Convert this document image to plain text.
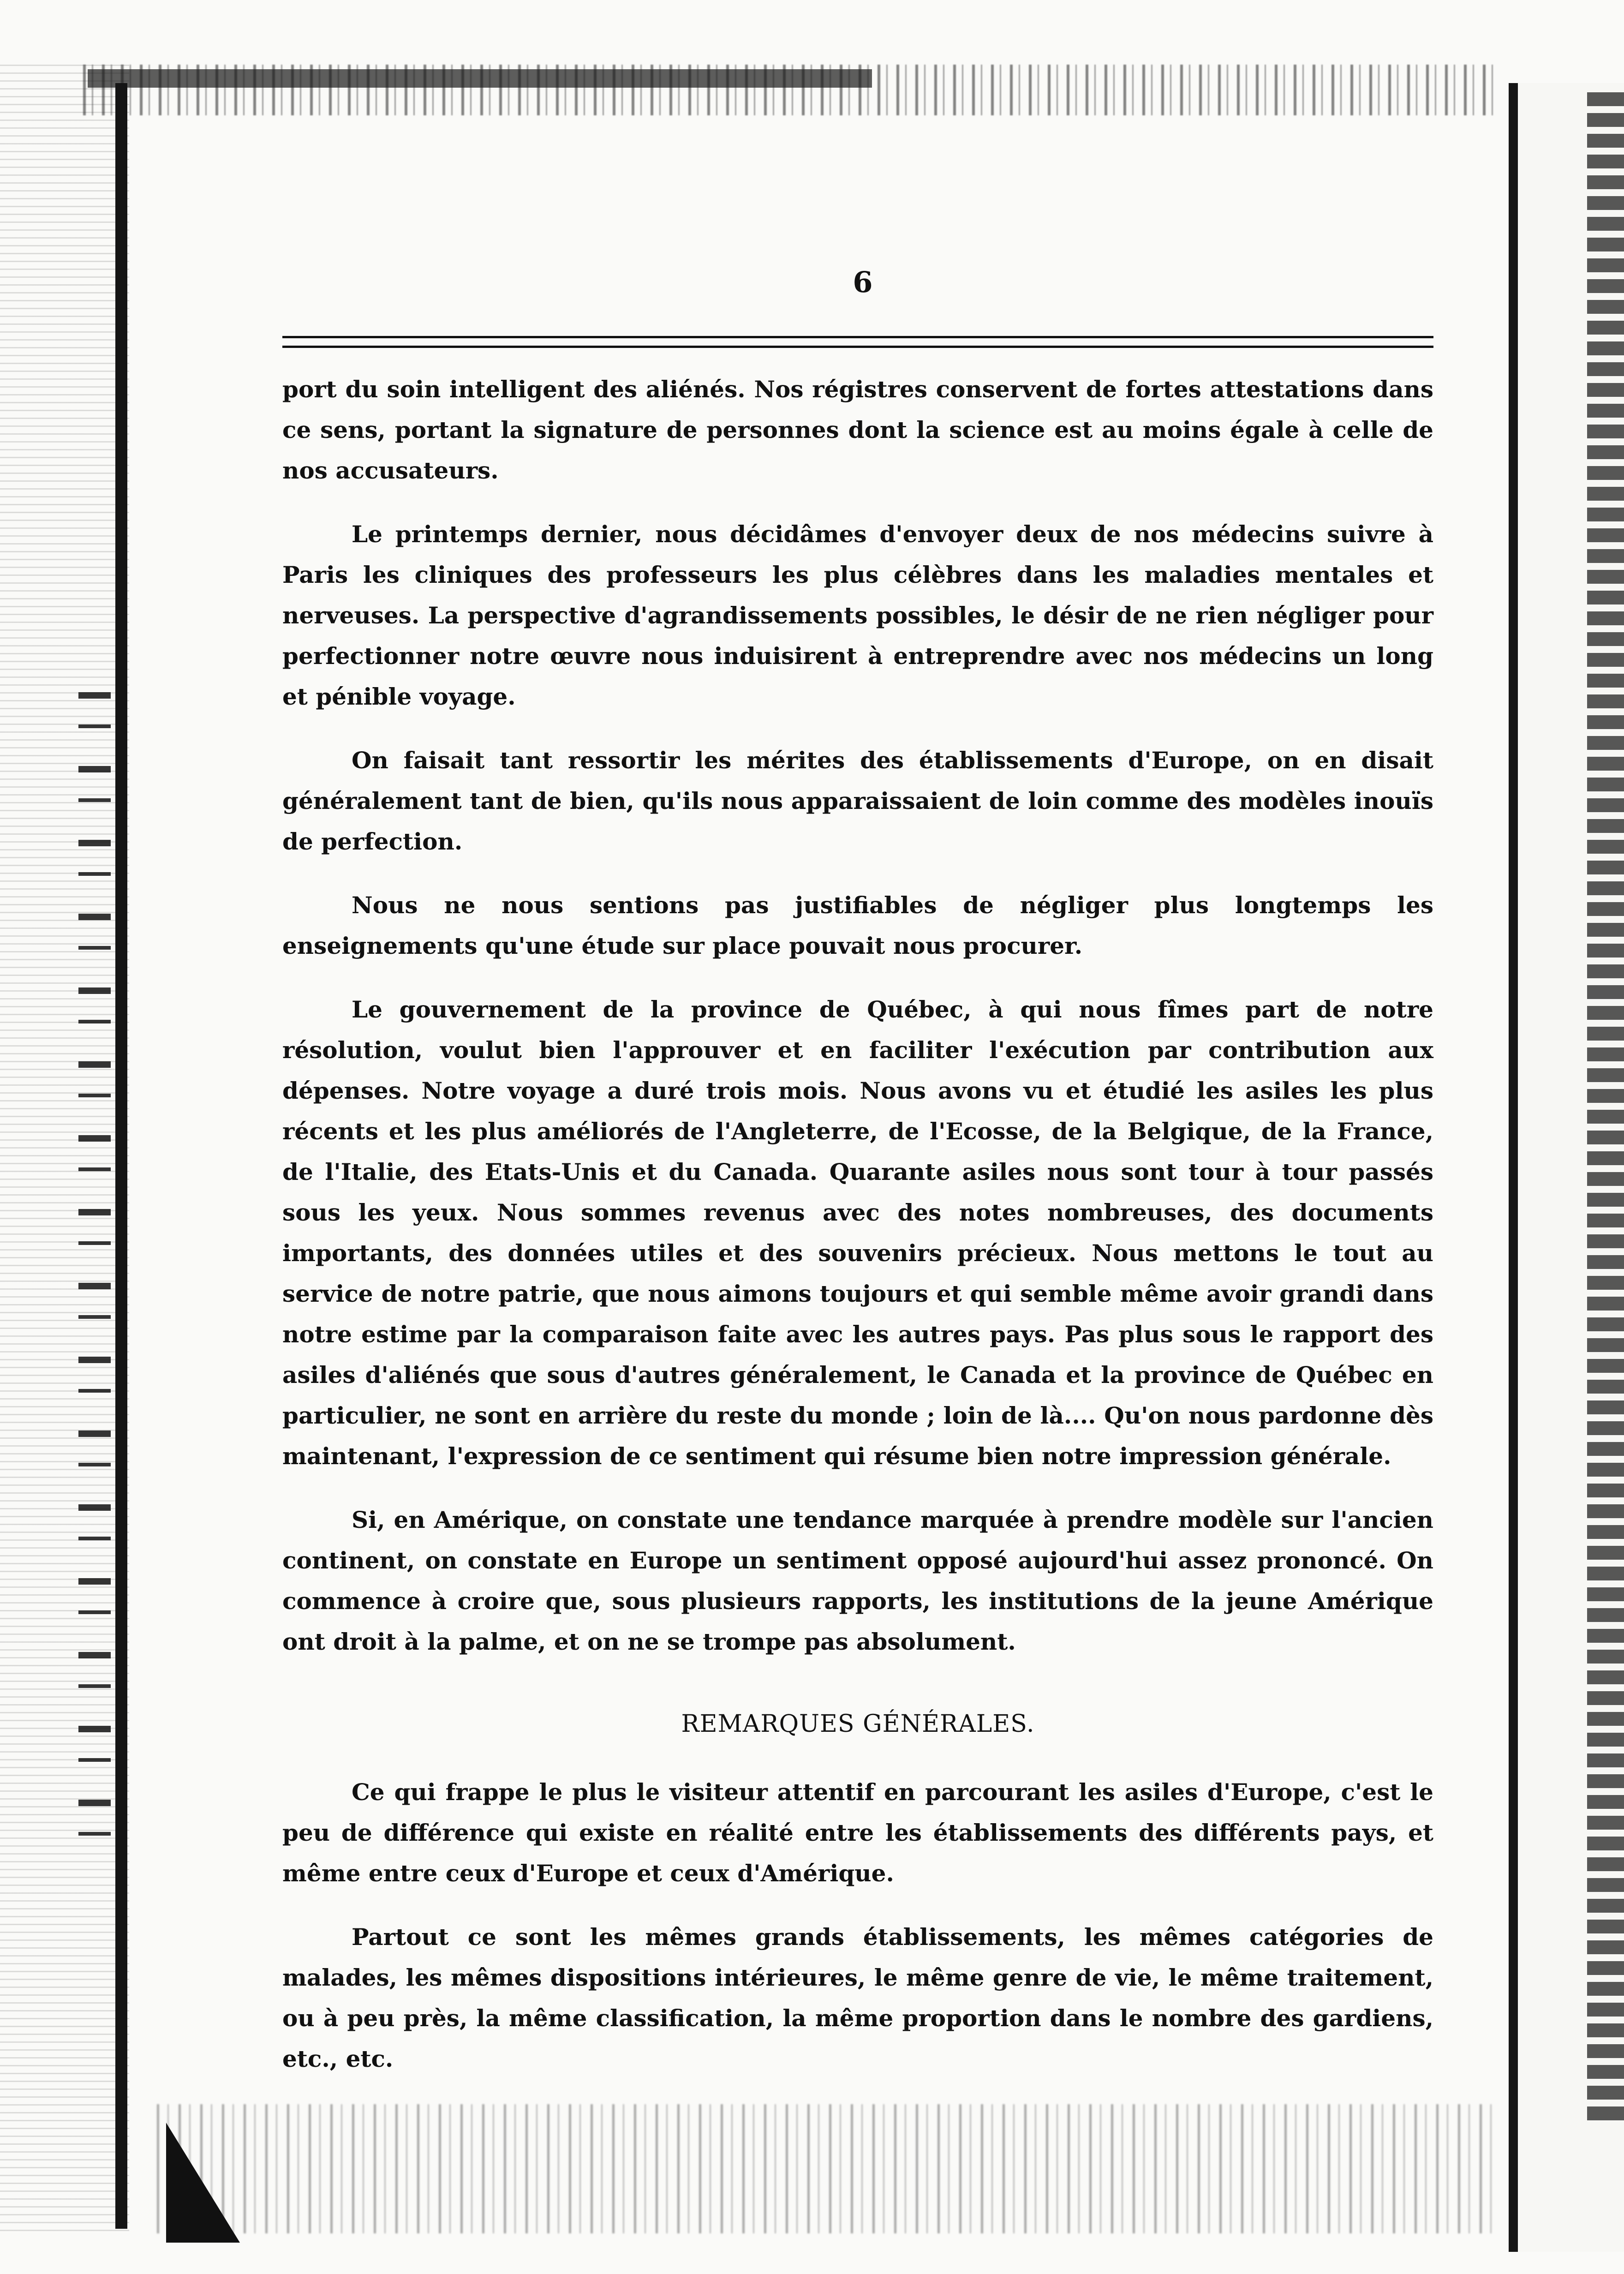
6

port du soin intelligent des aliénés. Nos régistres conservent de fortes attestations dans ce sens, portant la signature de personnes dont la science est au moins égale à celle de nos accusateurs.

Le printemps dernier, nous décidâmes d'envoyer deux de nos médecins suivre à Paris les cliniques des professeurs les plus célèbres dans les maladies mentales et nerveuses. La perspective d'agrandissements possibles, le désir de ne rien négliger pour perfectionner notre œuvre nous induisirent à entreprendre avec nos médecins un long et pénible voyage.

On faisait tant ressortir les mérites des établissements d'Europe, on en disait généralement tant de bien, qu'ils nous apparaissaient de loin comme des modèles inouïs de perfection.

Nous ne nous sentions pas justifiables de négliger plus longtemps les enseignements qu'une étude sur place pouvait nous procurer.

Le gouvernement de la province de Québec, à qui nous fîmes part de notre résolution, voulut bien l'approuver et en faciliter l'exécution par contribution aux dépenses. Notre voyage a duré trois mois. Nous avons vu et étudié les asiles les plus récents et les plus améliorés de l'Angleterre, de l'Ecosse, de la Belgique, de la France, de l'Italie, des Etats-Unis et du Canada. Quarante asiles nous sont tour à tour passés sous les yeux. Nous sommes revenus avec des notes nombreuses, des documents importants, des données utiles et des souvenirs précieux. Nous mettons le tout au service de notre patrie, que nous aimons toujours et qui semble même avoir grandi dans notre estime par la comparaison faite avec les autres pays. Pas plus sous le rapport des asiles d'aliénés que sous d'autres généralement, le Canada et la province de Québec en particulier, ne sont en arrière du reste du monde ; loin de là.... Qu'on nous pardonne dès maintenant, l'expression de ce sentiment qui résume bien notre impression générale.

Si, en Amérique, on constate une tendance marquée à prendre modèle sur l'ancien continent, on constate en Europe un sentiment opposé aujourd'hui assez prononcé. On commence à croire que, sous plusieurs rapports, les institutions de la jeune Amérique ont droit à la palme, et on ne se trompe pas absolument.

REMARQUES GÉNÉRALES.

Ce qui frappe le plus le visiteur attentif en parcourant les asiles d'Europe, c'est le peu de différence qui existe en réalité entre les établissements des différents pays, et même entre ceux d'Europe et ceux d'Amérique.

Partout ce sont les mêmes grands établissements, les mêmes catégories de malades, les mêmes dispositions intérieures, le même genre de vie, le même traitement, ou à peu près, la même classification, la même proportion dans le nombre des gardiens, etc., etc.
